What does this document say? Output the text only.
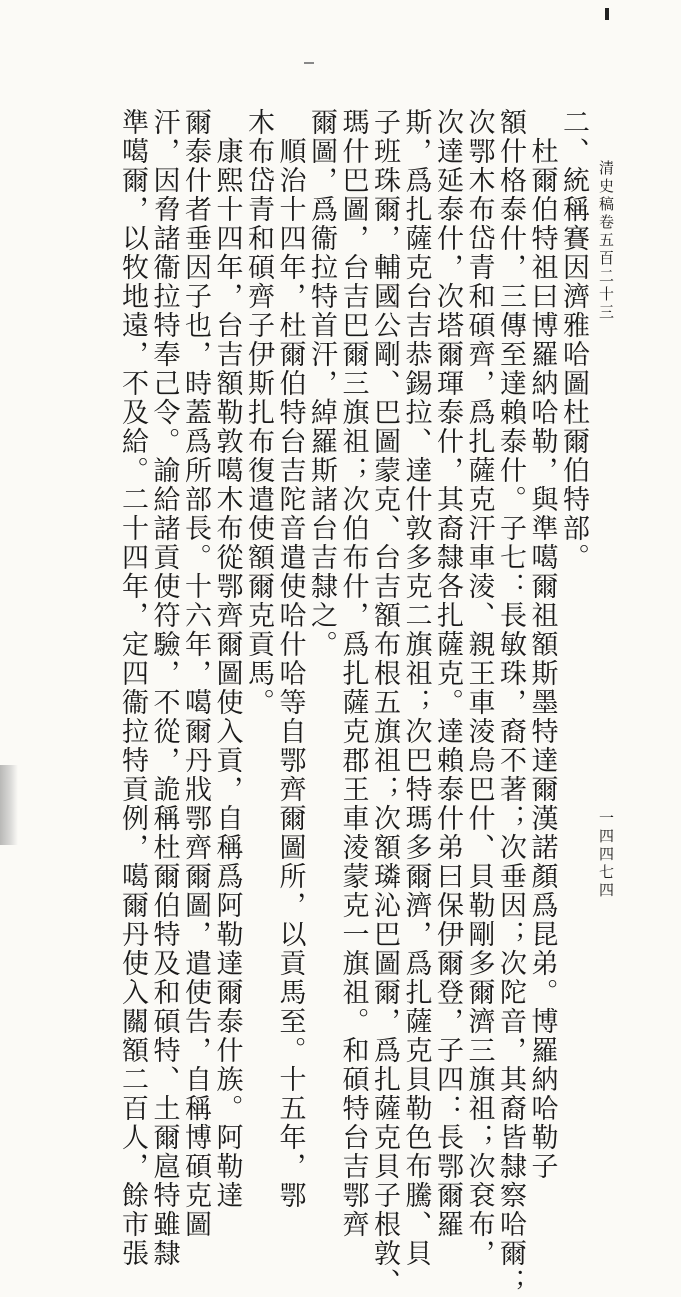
清史稿卷五百二十三
一四四七四
二、統稱賽因濟雅哈圖杜爾伯特部。
　杜爾伯特祖曰博羅納哈勒，與準噶爾祖額斯墨特達爾漢諾顏爲昆弟。博羅納哈勒子
額什格泰什，三傳至達賴泰什。子七：長敏珠，裔不著；次垂因；次陀音，其裔皆隸察哈爾；
次鄂木布岱青和碩齊，爲扎薩克汗車淩、親王車淩烏巴什、貝勒剛多爾濟三旗祖；次袞布，
次達延泰什，次塔爾琿泰什，其裔隸各扎薩克。達賴泰什弟曰保伊爾登，子四：長鄂爾羅
斯，爲扎薩克台吉恭錫拉、達什敦多克二旗祖；次巴特瑪多爾濟，爲扎薩克貝勒色布騰、貝
子班珠爾，輔國公剛、巴圖蒙克、台吉額布根五旗祖；次額璘沁巴圖爾，爲扎薩克貝子根敦、
瑪什巴圖，台吉巴爾三旗祖；次伯布什，爲扎薩克郡王車淩蒙克一旗祖。和碩特台吉鄂齊
爾圖，爲衞拉特首汗，綽羅斯諸台吉隸之。
　順治十四年，杜爾伯特台吉陀音遣使哈什哈等自鄂齊爾圖所，以貢馬至。十五年，鄂
木布岱青和碩齊子伊斯扎布復遣使額爾克貢馬。
　康熙十四年，台吉額勒敦噶木布從鄂齊爾圖使入貢，自稱爲阿勒達爾泰什族。阿勒達
爾泰什者垂因子也，時蓋爲所部長。十六年，噶爾丹戕鄂齊爾圖，遣使告，自稱博碩克圖
汗，因脅諸衞拉特奉己令。諭給諸貢使符驗，不從，詭稱杜爾伯特及和碩特、土爾扈特雖隸
準噶爾，以牧地遠，不及給。二十四年，定四衞拉特貢例，噶爾丹使入關額二百人，餘市張
